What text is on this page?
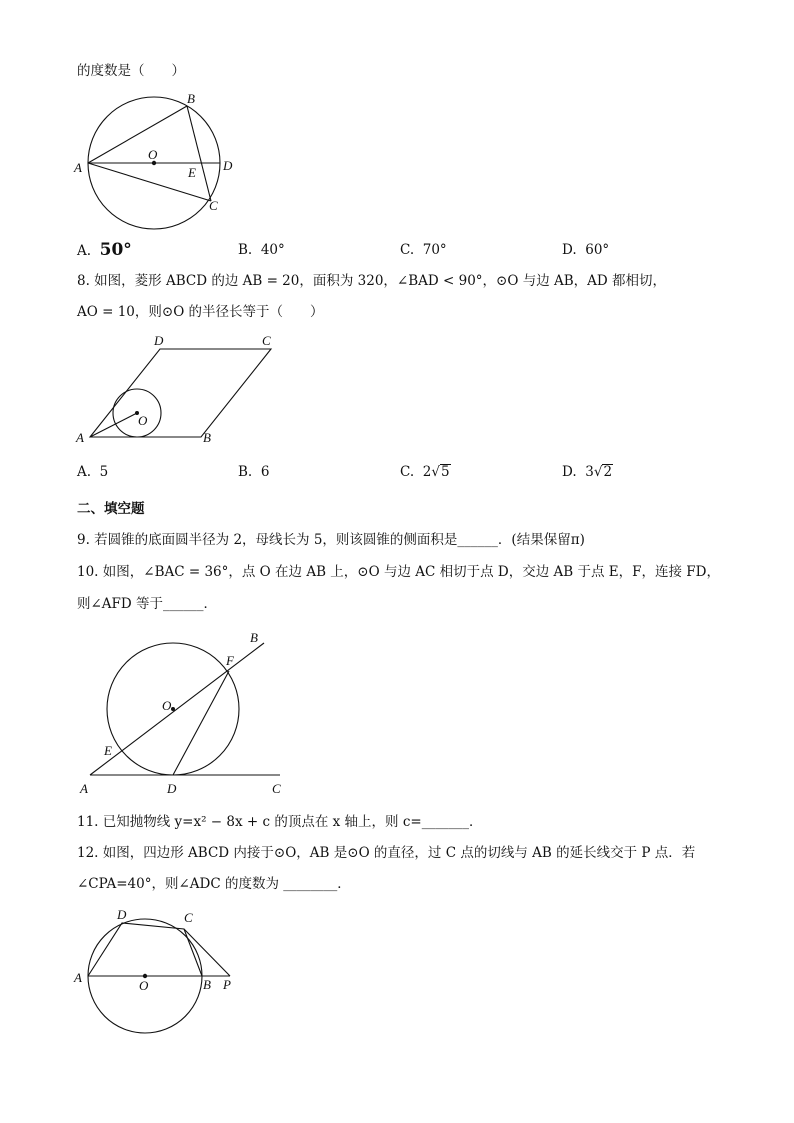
的度数是（　　）
A
B
O
E D
C
A. 50°	B. 40°	C. 70°	D. 60°
8. 如图，菱形 ABCD 的边 AB = 20，面积为 320，∠BAD < 90°，⊙O 与边 AB，AD 都相切，
AO = 10，则⊙O 的半径长等于（　　）
A	B
C
D
O
A. 5	B. 6	C. 2√5	D. 3√2
二、填空题
9. 若圆锥的底面圆半径为 2，母线长为 5，则该圆锥的侧面积是______．(结果保留π)
10. 如图，∠BAC = 36°，点 O 在边 AB 上，⊙O 与边 AC 相切于点 D，交边 AB 于点 E，F，连接 FD，
则∠AFD 等于______．
A
B
C
D
E
F
O
11. 已知抛物线 y=x² − 8x + c 的顶点在 x 轴上，则 c=_______．
12. 如图，四边形 ABCD 内接于⊙O，AB 是⊙O 的直径，过 C 点的切线与 AB 的延长线交于 P 点．若
∠CPA=40°，则∠ADC 的度数为 ________．
A	B
C
D
O	P
